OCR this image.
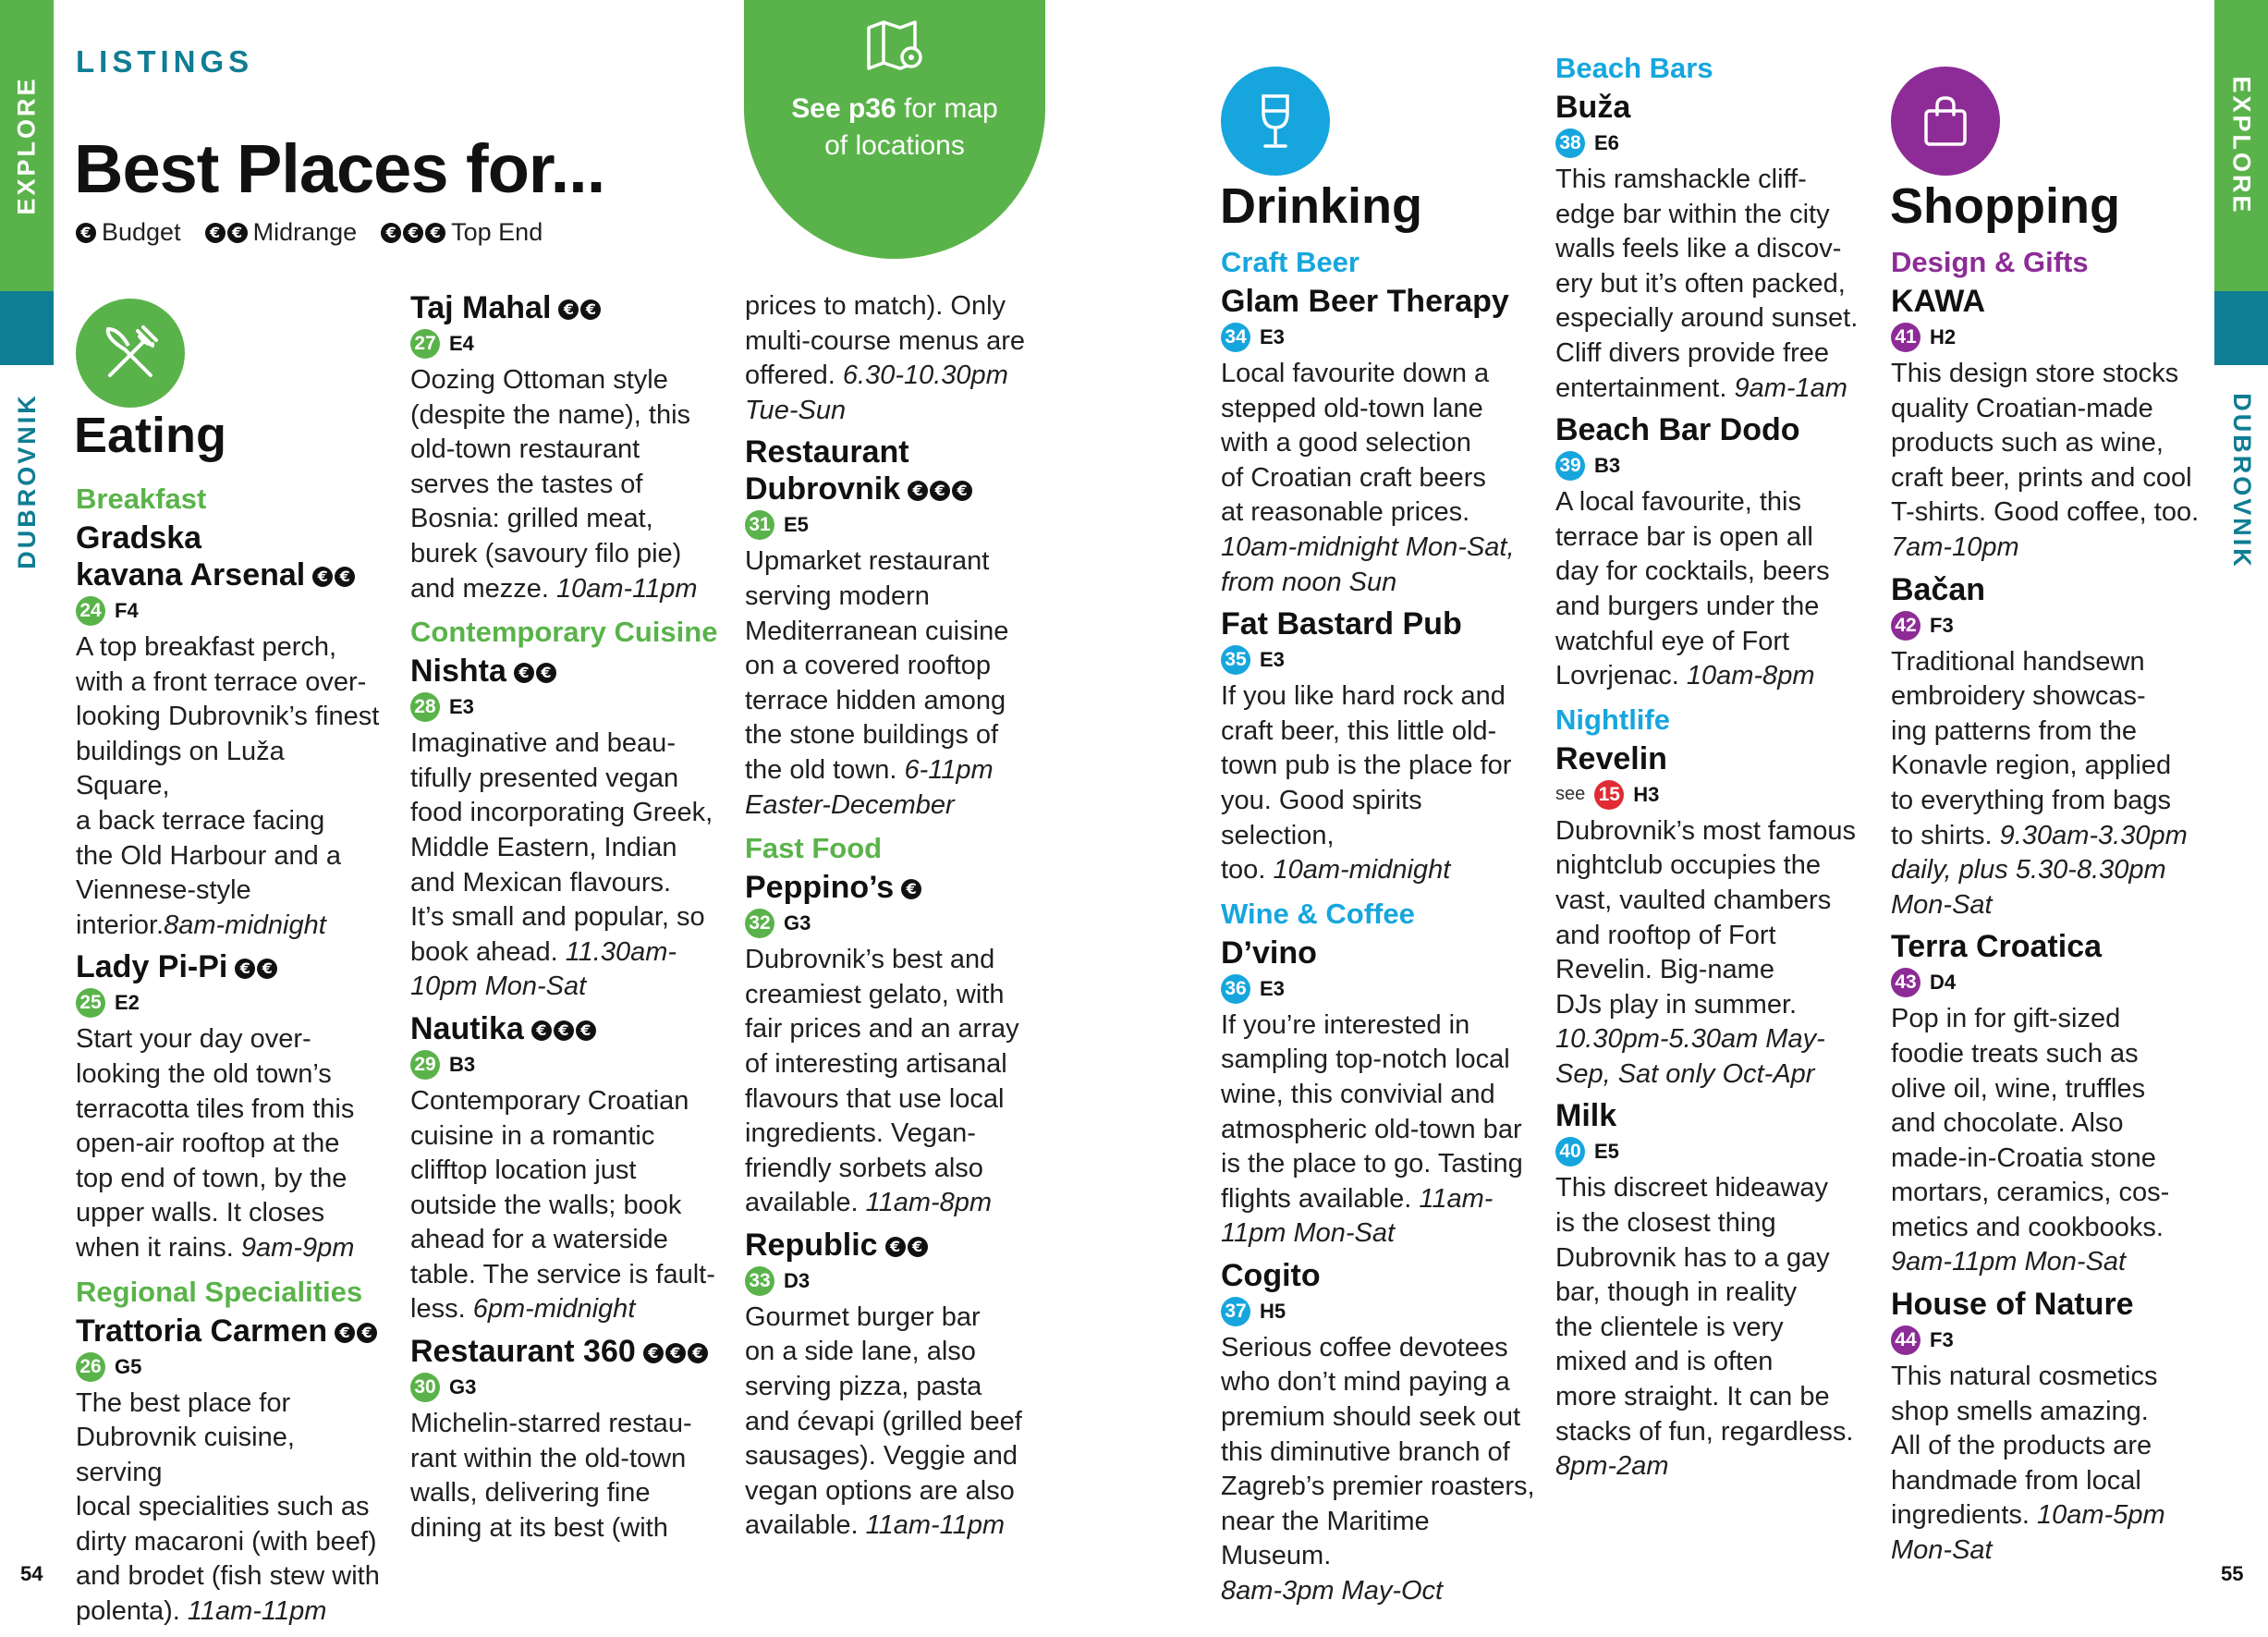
EXPLORE
DUBROVNIK
EXPLORE
DUBROVNIK
LISTINGS
Best Places for...
€ Budget	€ € Midrange	€ € € Top End
See p36 for map
of locations
Eating
Drinking	Shopping
Breakfast
Gradska
kavana Arsenal € €
24 F4
A top breakfast perch,
with a front terrace over-
looking Dubrovnik’s finest
buildings on Luža Square,
a back terrace facing
the Old Harbour and a
Viennese-style interior.8am-midnight
Lady Pi-Pi € €
25 E2
Start your day over-
looking the old town’s
terracotta tiles from this
open-air rooftop at the
top end of town, by the
upper walls. It closes
when it rains. 9am-9pm
Regional Specialities
Trattoria Carmen € €
26 G5
The best place for
Dubrovnik cuisine, serving
local specialities such as
dirty macaroni (with beef)
and brodet (fish stew with
polenta). 11am-11pm
Taj Mahal € €
27 E4
Oozing Ottoman style
(despite the name), this
old-town restaurant
serves the tastes of
Bosnia: grilled meat,
burek (savoury filo pie)
and mezze. 10am-11pm
Contemporary Cuisine
Nishta € €
28 E3
Imaginative and beau-
tifully presented vegan
food incorporating Greek,
Middle Eastern, Indian
and Mexican flavours.
It’s small and popular, so
book ahead. 11.30am-
10pm Mon-Sat
Nautika € € €
29 B3
Contemporary Croatian
cuisine in a romantic
clifftop location just
outside the walls; book
ahead for a waterside
table. The service is fault-
less. 6pm-midnight
Restaurant 360 € € €
30 G3
Michelin-starred restau-
rant within the old-town
walls, delivering fine
dining at its best (with
prices to match). Only
multi-course menus are
offered. 6.30-10.30pm
Tue-Sun
Restaurant
Dubrovnik € € €
31 E5
Upmarket restaurant
serving modern
Mediterranean cuisine
on a covered rooftop
terrace hidden among
the stone buildings of
the old town. 6-11pm
Easter-December
Fast Food
Peppino’s €
32 G3
Dubrovnik’s best and
creamiest gelato, with
fair prices and an array
of interesting artisanal
flavours that use local
ingredients. Vegan-
friendly sorbets also
available. 11am-8pm
Republic € €
33 D3
Gourmet burger bar
on a side lane, also
serving pizza, pasta
and ćevapi (grilled beef
sausages). Veggie and
vegan options are also
available. 11am-11pm
Craft Beer
Glam Beer Therapy
34 E3
Local favourite down a
stepped old-town lane
with a good selection
of Croatian craft beers
at reasonable prices.
10am-midnight Mon-Sat,
from noon Sun
Fat Bastard Pub
35 E3
If you like hard rock and
craft beer, this little old-
town pub is the place for
you. Good spirits selection,
too. 10am-midnight
Wine & Coffee
D’vino
36 E3
If you’re interested in
sampling top-notch local
wine, this convivial and
atmospheric old-town bar
is the place to go. Tasting
flights available. 11am-
11pm Mon-Sat
Cogito
37 H5
Serious coffee devotees
who don’t mind paying a
premium should seek out
this diminutive branch of
Zagreb’s premier roasters,
near the Maritime Museum.
8am-3pm May-Oct
Beach Bars
Buža
38 E6
This ramshackle cliff-
edge bar within the city
walls feels like a discov-
ery but it’s often packed,
especially around sunset.
Cliff divers provide free
entertainment. 9am-1am
Beach Bar Dodo
39 B3
A local favourite, this
terrace bar is open all
day for cocktails, beers
and burgers under the
watchful eye of Fort
Lovrjenac. 10am-8pm
Nightlife
Revelin
see 15 H3
Dubrovnik’s most famous
nightclub occupies the
vast, vaulted chambers
and rooftop of Fort
Revelin. Big-name
DJs play in summer.
10.30pm-5.30am May-
Sep, Sat only Oct-Apr
Milk
40 E5
This discreet hideaway
is the closest thing
Dubrovnik has to a gay
bar, though in reality
the clientele is very
mixed and is often
more straight. It can be
stacks of fun, regardless.
8pm-2am
Design & Gifts
KAWA
41 H2
This design store stocks
quality Croatian-made
products such as wine,
craft beer, prints and cool
T-shirts. Good coffee, too.
7am-10pm
Bačan
42 F3
Traditional handsewn
embroidery showcas-
ing patterns from the
Konavle region, applied
to everything from bags
to shirts. 9.30am-3.30pm
daily, plus 5.30-8.30pm
Mon-Sat
Terra Croatica
43 D4
Pop in for gift-sized
foodie treats such as
olive oil, wine, truffles
and chocolate. Also
made-in-Croatia stone
mortars, ceramics, cos-
metics and cookbooks.
9am-11pm Mon-Sat
House of Nature
44 F3
This natural cosmetics
shop smells amazing.
All of the products are
handmade from local
ingredients. 10am-5pm
Mon-Sat
54	55
